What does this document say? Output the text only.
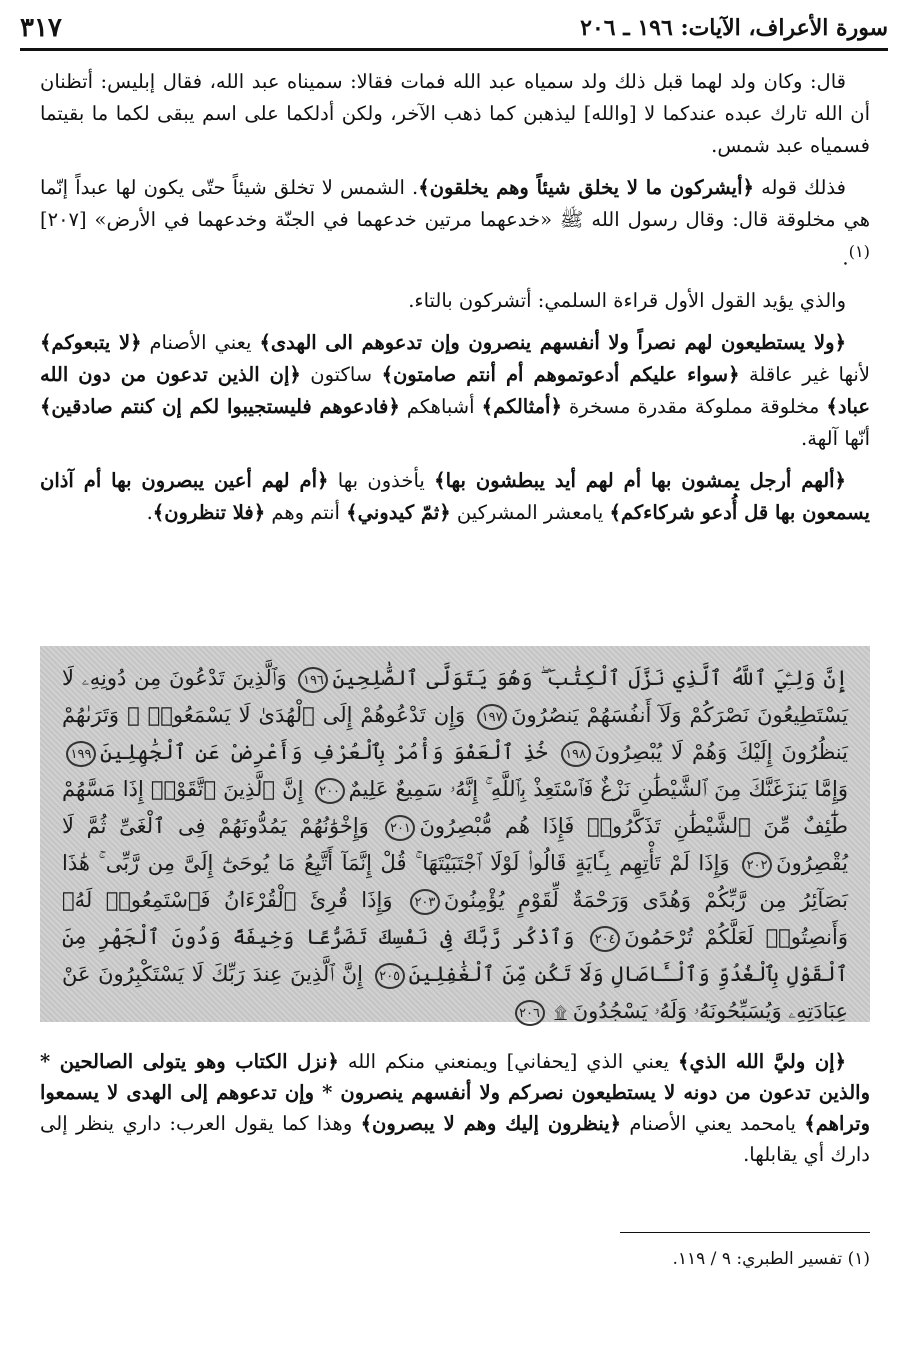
سورة الأعراف، الآيات: ١٩٦ ـ ٢٠٦
٣١٧

قال: وكان ولد لهما قبل ذلك ولد سمياه عبد الله فمات فقالا: سميناه عبد الله، فقال إبليس: أتظنان أن الله تارك عبده عندكما لا [والله] ليذهبن كما ذهب الآخر، ولكن أدلكما على اسم يبقى لكما ما بقيتما فسمياه عبد شمس.

فذلك قوله ﴿أيشركون ما لا يخلق شيئاً وهم يخلقون﴾. الشمس لا تخلق شيئاً حتّى يكون لها عبداً إنّما هي مخلوقة قال: وقال رسول الله ﷺ «خدعهما مرتين خدعهما في الجنّة وخدعهما في الأرض» [٢٠٧]$^{(١)}$.

والذي يؤيد القول الأول قراءة السلمي: أتشركون بالتاء.

﴿ولا يستطيعون لهم نصراً ولا أنفسهم ينصرون وإن تدعوهم الى الهدى﴾ يعني الأصنام ﴿لا يتبعوكم﴾ لأنها غير عاقلة ﴿سواء عليكم أدعوتموهم أم أنتم صامتون﴾ ساكتون ﴿إن الذين تدعون من دون الله عباد﴾ مخلوقة مملوكة مقدرة مسخرة ﴿أمثالكم﴾ أشباهكم ﴿فادعوهم فليستجيبوا لكم إن كنتم صادقين﴾ أنّها آلهة.

﴿ألهم أرجل يمشون بها أم لهم أيد يبطشون بها﴾ يأخذون بها ﴿أم لهم أعين يبصرون بها أم آذان يسمعون بها قل أُدعو شركاءكم﴾ يامعشر المشركين ﴿ثمّ كيدوني﴾ أنتم وهم ﴿فلا تنظرون﴾.

إِنَّ وَلِـِّۧيَ ٱللَّهُ ٱلَّذِي نَزَّلَ ٱلْكِتَٰبَ ۖ وَهُوَ يَتَوَلَّى ٱلصَّٰلِحِينَ١٩٦ وَٱلَّذِينَ تَدْعُونَ مِن دُونِهِۦ لَا يَسْتَطِيعُونَ نَصْرَكُمْ وَلَآ أَنفُسَهُمْ يَنصُرُونَ١٩٧ وَإِن تَدْعُوهُمْ إِلَى ٱلْهُدَىٰ لَا يَسْمَعُوا۟ ۖ وَتَرَىٰهُمْ يَنظُرُونَ إِلَيْكَ وَهُمْ لَا يُبْصِرُونَ١٩٨ خُذِ ٱلْعَفْوَ وَأْمُرْ بِٱلْعُرْفِ وَأَعْرِضْ عَنِ ٱلْجَٰهِلِينَ١٩٩ وَإِمَّا يَنزَغَنَّكَ مِنَ ٱلشَّيْطَٰنِ نَزْغٌ فَٱسْتَعِذْ بِٱللَّهِ ۚ إِنَّهُۥ سَمِيعٌ عَلِيمٌ٢٠٠ إِنَّ ٱلَّذِينَ ٱتَّقَوْا۟ إِذَا مَسَّهُمْ طَٰٓئِفٌ مِّنَ ٱلشَّيْطَٰنِ تَذَكَّرُوا۟ فَإِذَا هُم مُّبْصِرُونَ٢٠١ وَإِخْوَٰنُهُمْ يَمُدُّونَهُمْ فِى ٱلْغَىِّ ثُمَّ لَا يُقْصِرُونَ٢٠٢ وَإِذَا لَمْ تَأْتِهِم بِـَٔايَةٍ قَالُوا۟ لَوْلَا ٱجْتَبَيْتَهَا ۚ قُلْ إِنَّمَآ أَتَّبِعُ مَا يُوحَىٰٓ إِلَىَّ مِن رَّبِّى ۚ هَٰذَا بَصَآئِرُ مِن رَّبِّكُمْ وَهُدًى وَرَحْمَةٌ لِّقَوْمٍ يُؤْمِنُونَ٢٠٣ وَإِذَا قُرِئَ ٱلْقُرْءَانُ فَٱسْتَمِعُوا۟ لَهُۥ وَأَنصِتُوا۟ لَعَلَّكُمْ تُرْحَمُونَ٢٠٤ وَٱذْكُر رَّبَّكَ فِى نَفْسِكَ تَضَرُّعًا وَخِيفَةً وَدُونَ ٱلْجَهْرِ مِنَ ٱلْقَوْلِ بِٱلْغُدُوِّ وَٱلْـَٔاصَالِ وَلَا تَكُن مِّنَ ٱلْغَٰفِلِينَ٢٠٥ إِنَّ ٱلَّذِينَ عِندَ رَبِّكَ لَا يَسْتَكْبِرُونَ عَنْ عِبَادَتِهِۦ وَيُسَبِّحُونَهُۥ وَلَهُۥ يَسْجُدُونَ۩٢٠٦

﴿إن وليَّ الله الذي﴾ يعني الذي [يحفاني] ويمنعني منكم الله ﴿نزل الكتاب وهو يتولى الصالحين * والذين تدعون من دونه لا يستطيعون نصركم ولا أنفسهم ينصرون * وإن تدعوهم إلى الهدى لا يسمعوا وتراهم﴾ يامحمد يعني الأصنام ﴿ينظرون إليك وهم لا يبصرون﴾ وهذا كما يقول العرب: داري ينظر إلى دارك أي يقابلها.

(١) تفسير الطبري: ٩ / ١١٩.
